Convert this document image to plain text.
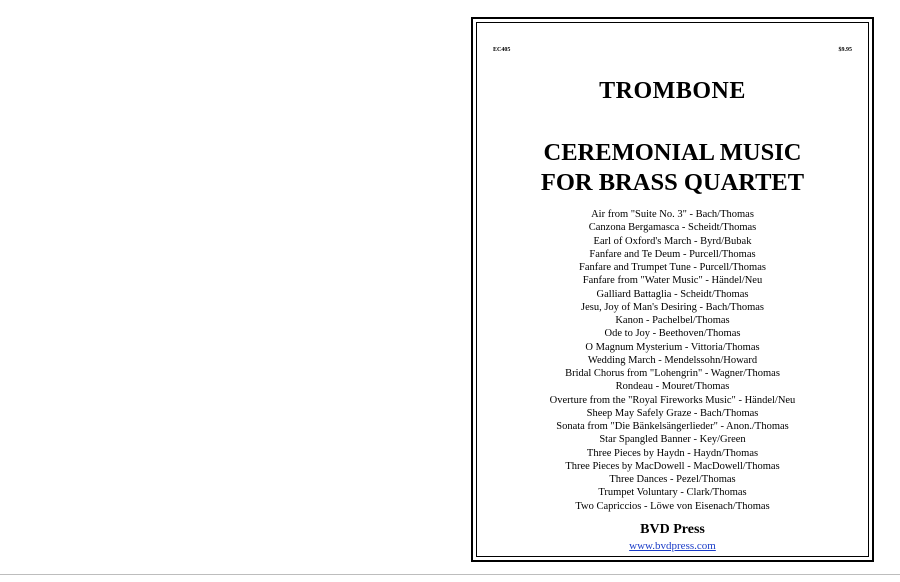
EC405	$9.95
TROMBONE
CEREMONIAL MUSIC
FOR BRASS QUARTET
Air from "Suite No. 3" - Bach/Thomas
Canzona Bergamasca - Scheidt/Thomas
Earl of Oxford's March - Byrd/Bubak
Fanfare and Te Deum - Purcell/Thomas
Fanfare and Trumpet Tune - Purcell/Thomas
Fanfare from "Water Music" - Händel/Neu
Galliard Battaglia - Scheidt/Thomas
Jesu, Joy of Man's Desiring - Bach/Thomas
Kanon - Pachelbel/Thomas
Ode to Joy - Beethoven/Thomas
O Magnum Mysterium - Vittoria/Thomas
Wedding March - Mendelssohn/Howard
Bridal Chorus from "Lohengrin" - Wagner/Thomas
Rondeau - Mouret/Thomas
Overture from the "Royal Fireworks Music" - Händel/Neu
Sheep May Safely Graze - Bach/Thomas
Sonata from "Die Bänkelsängerlieder" - Anon./Thomas
Star Spangled Banner - Key/Green
Three Pieces by Haydn - Haydn/Thomas
Three Pieces by MacDowell - MacDowell/Thomas
Three Dances - Pezel/Thomas
Trumpet Voluntary - Clark/Thomas
Two Capriccios - Löwe von Eisenach/Thomas
BVD Press
www.bvdpress.com
